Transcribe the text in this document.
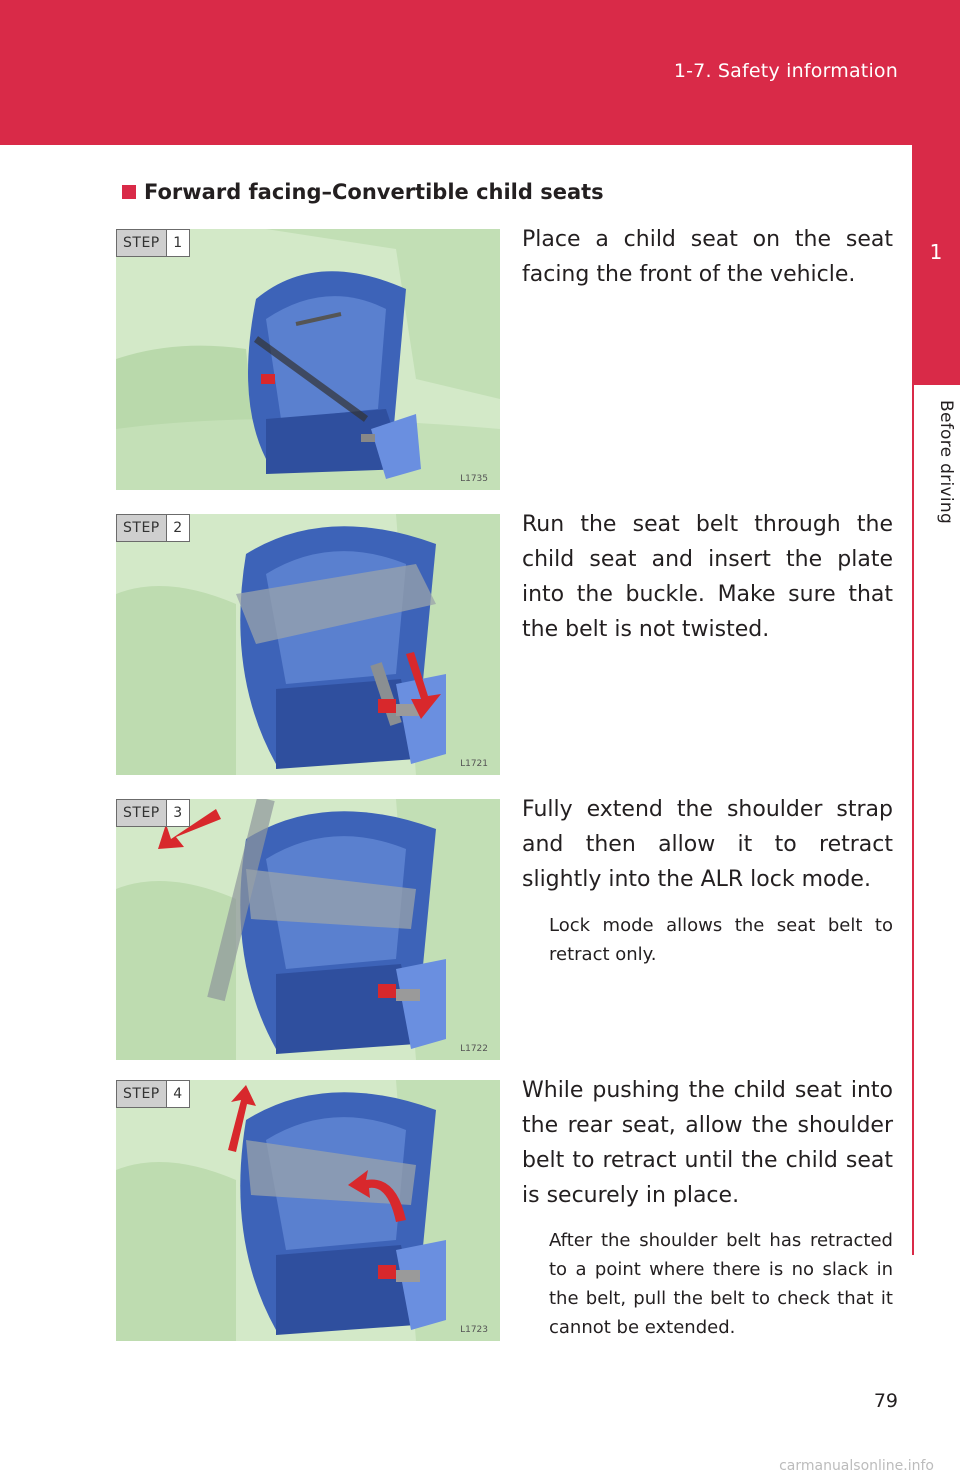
1-7. Safety information
1
Before driving
Forward facing–Convertible child seats
STEP 1
L1735
Place a child seat on the seat facing the front of the vehicle.
STEP 2
L1721
Run the seat belt through the child seat and insert the plate into the buckle. Make sure that the belt is not twisted.
STEP 3
L1722
Fully extend the shoulder strap and then allow it to retract slightly into the ALR lock mode.
Lock mode allows the seat belt to retract only.
STEP 4
L1723
While pushing the child seat into the rear seat, allow the shoulder belt to retract until the child seat is securely in place.
After the shoulder belt has retracted to a point where there is no slack in the belt, pull the belt to check that it cannot be extended.
79
carmanualsonline.info
